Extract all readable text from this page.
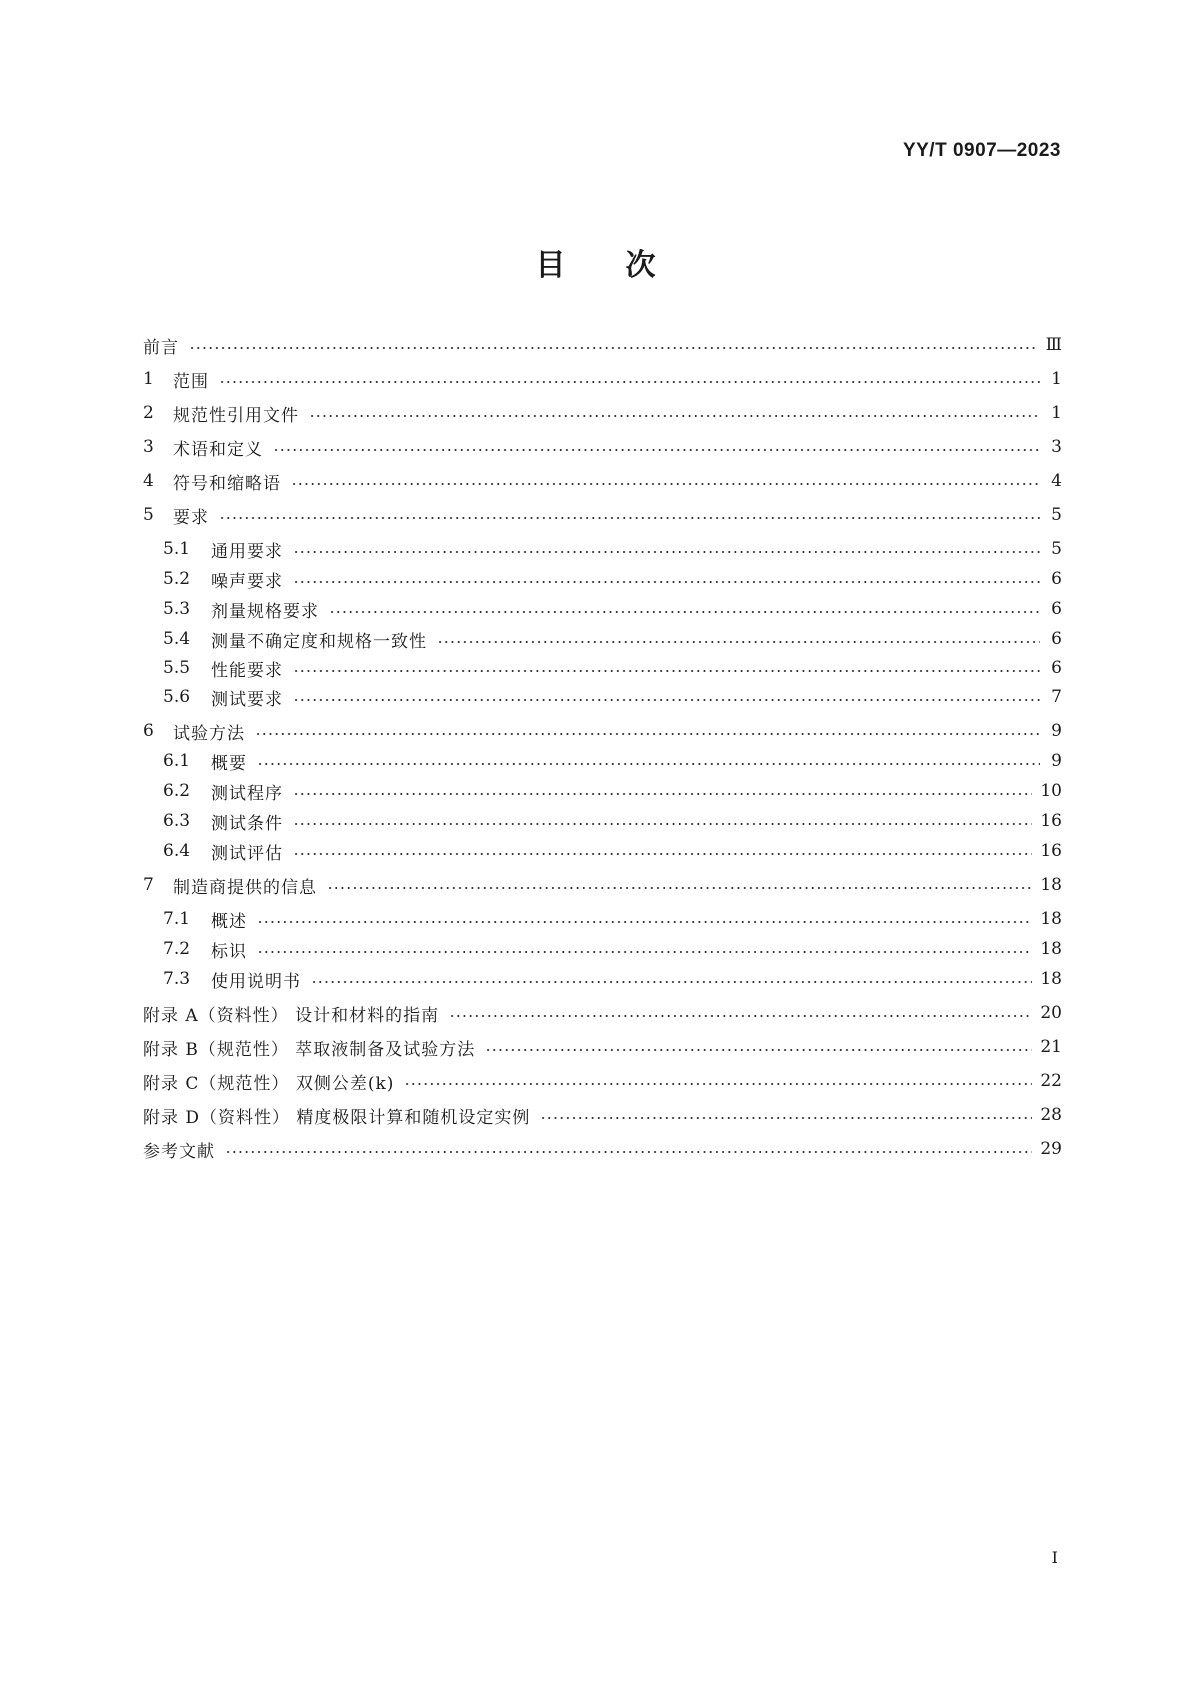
YY/T 0907—2023
目次
前言	Ⅲ
1	范围	1
2	规范性引用文件	1
3	术语和定义	3
4	符号和缩略语	4
5	要求	5
5.1	通用要求	5
5.2	噪声要求	6
5.3	剂量规格要求	6
5.4	测量不确定度和规格一致性	6
5.5	性能要求	6
5.6	测试要求	7
6	试验方法	9
6.1	概要	9
6.2	测试程序	10
6.3	测试条件	16
6.4	测试评估	16
7	制造商提供的信息	18
7.1	概述	18
7.2	标识	18
7.3	使用说明书	18
附录 A（资料性） 设计和材料的指南	20
附录 B（规范性） 萃取液制备及试验方法	21
附录 C（规范性） 双侧公差(k)	22
附录 D（资料性） 精度极限计算和随机设定实例	28
参考文献	29
I
